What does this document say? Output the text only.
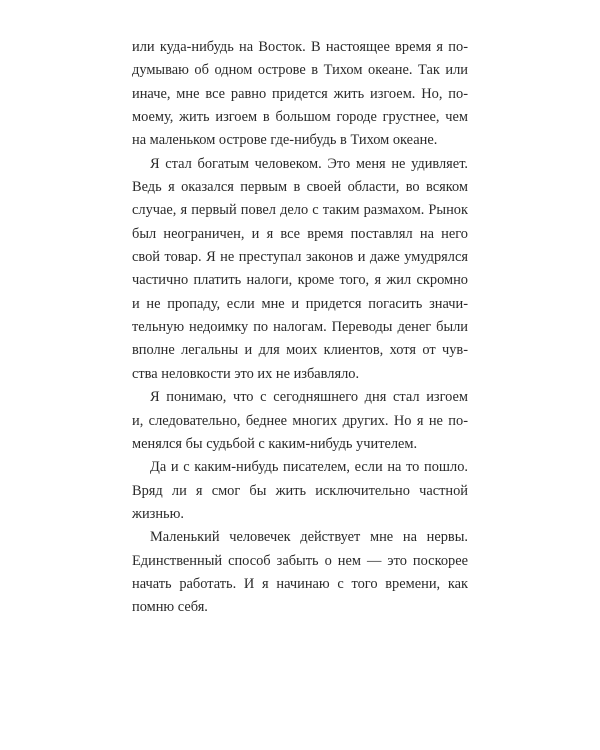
или куда-нибудь на Восток. В настоящее время я по-
думываю об одном острове в Тихом океане. Так или
иначе, мне все равно придется жить изгоем. Но, по-
моему, жить изгоем в большом городе грустнее, чем
на маленьком острове где-нибудь в Тихом океане.

Я стал богатым человеком. Это меня не удивляет.
Ведь я оказался первым в своей области, во всяком
случае, я первый повел дело с таким размахом. Рынок
был неограничен, и я все время поставлял на него
свой товар. Я не преступал законов и даже умудрялся
частично платить налоги, кроме того, я жил скромно
и не пропаду, если мне и придется погасить значи-
тельную недоимку по налогам. Переводы денег были
вполне легальны и для моих клиентов, хотя от чув-
ства неловкости это их не избавляло.

Я понимаю, что с сегодняшнего дня стал изгоем
и, следовательно, беднее многих других. Но я не по-
менялся бы судьбой с каким-нибудь учителем.

Да и с каким-нибудь писателем, если на то пошло.
Вряд ли я смог бы жить исключительно частной
жизнью.

Маленький человечек действует мне на нервы.
Единственный способ забыть о нем — это поскорее
начать работать. И я начинаю с того времени, как
помню себя.
